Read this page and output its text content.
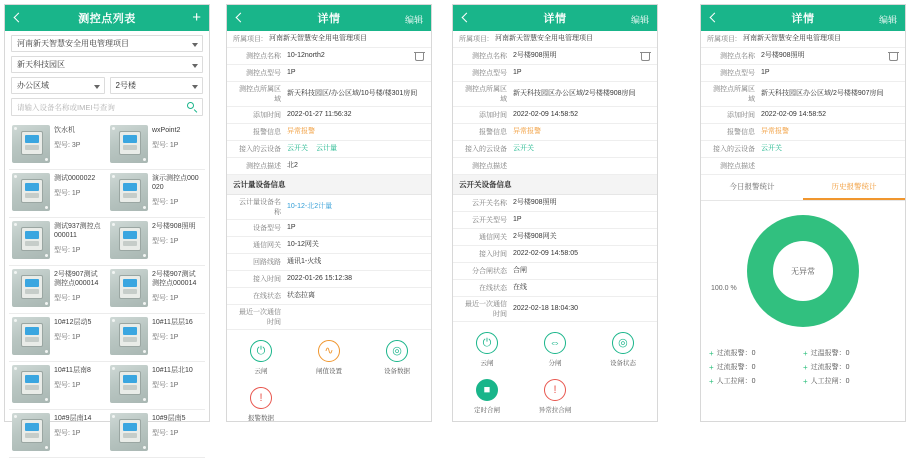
测控点列表	+
河南新天智慧安全用电管理项目
新天科技园区
办公区域	2号楼
请输入设备名称或IMEI号查询
饮水机
型号: 3P
wxPoint2
型号: 1P
测试0000022
型号: 1P
演示测控点000020
型号: 1P
测试937测控点000011
型号: 1P
2号楼908照明
型号: 1P
2号楼907测试测控点000014
型号: 1P
2号楼907测试测控点000014
型号: 1P
10#12层动5
型号: 1P
10#11层层16
型号: 1P
10#11层南8
型号: 1P
10#11层北10
型号: 1P
10#9层南14
型号: 1P
10#9层南5
型号: 1P
详情	编辑
所属项目: 河南新天智慧安全用电管理项目
测控点名称 10-12north2
测控点型号 1P
测控点所属区域
新天科技园区/办公区域/10号楼/楼301房间
添加时间 2022-01-27 11:56:32
报警信息 异常报警
接入的云设备 云开关 云计量
测控点描述 北2
云计量设备信息
云计量设备名称
10-12-北2计量
设备型号 1P
通信网关 10-12网关
回路线路 通讯1-火线
接入时间 2022-01-26 15:12:38
在线状态 状态拉离
最近一次通信时间
⏻
云闸
∿
闸值设置
◎
设备数据
!
报警数据
详情	编辑
所属项目: 河南新天智慧安全用电管理项目
测控点名称 2号楼908照明
测控点型号 1P
测控点所属区域
新天科技园区办公区域/2号楼楼908房间
添加时间 2022-02-09 14:58:52
报警信息 异常报警
接入的云设备 云开关
测控点描述
云开关设备信息
云开关名称 2号楼908照明
云开关型号 1P
通信网关 2号楼908网关
接入时间 2022-02-09 14:58:05
分合闸状态 合闸
在线状态 在线
最近一次通信时间
2022-02-18 18:04:30
⏻
云闸
⇔
分闸
◎
设备状态
■
定时合闸
!
异常拉合闸
详情	编辑
所属项目: 河南新天智慧安全用电管理项目
测控点名称 2号楼908照明
测控点型号 1P
测控点所属区域
新天科技园区办公区域/2号楼楼907房间
添加时间 2022-02-09 14:58:52
报警信息 异常报警
接入的云设备 云开关
测控点描述
今日报警统计	历史报警统计
无异常
100.0 %
+ 过流报警：0	+ 过温报警：0
+ 过流报警：0	+ 过流报警：0
+ 人工拉闸：0	+ 人工拉闸：0
